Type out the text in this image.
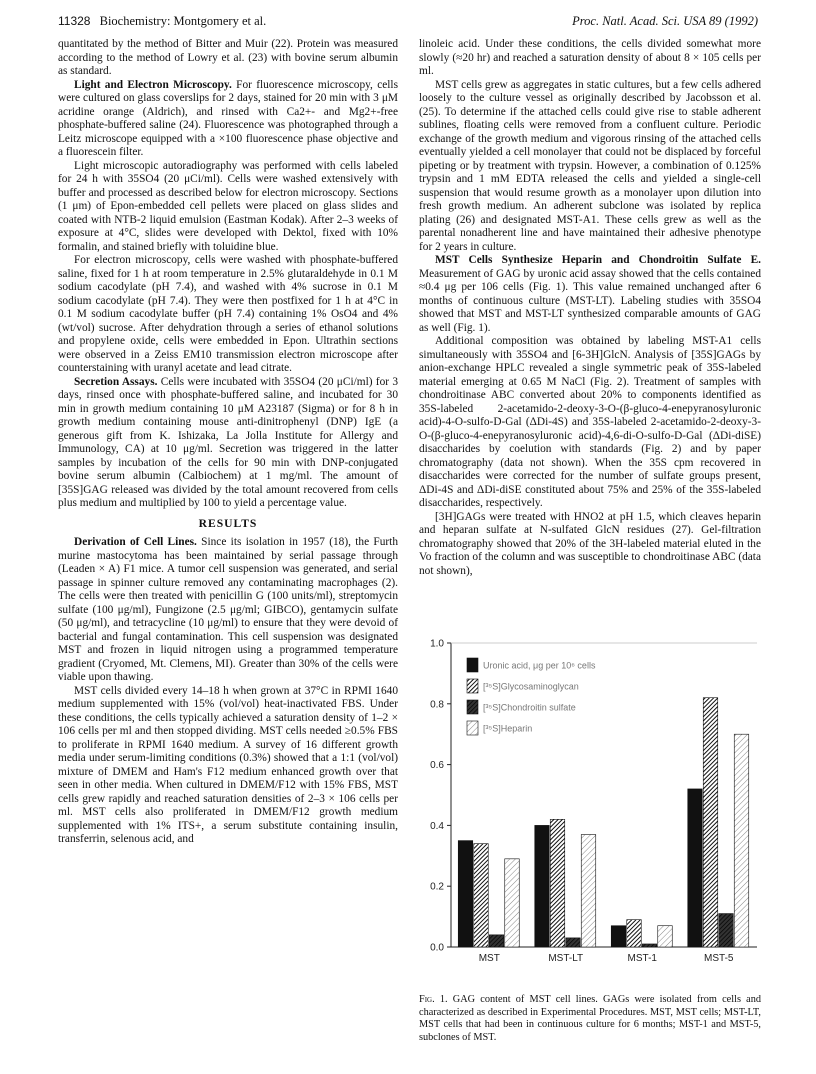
11328 Biochemistry: Montgomery et al.	Proc. Natl. Acad. Sci. USA 89 (1992)

quantitated by the method of Bitter and Muir (22). Protein was measured according to the method of Lowry et al. (23) with bovine serum albumin as standard.

Light and Electron Microscopy. For fluorescence microscopy, cells were cultured on glass coverslips for 2 days, stained for 20 min with 3 μM acridine orange (Aldrich), and rinsed with Ca2+- and Mg2+-free phosphate-buffered saline (24). Fluorescence was photographed through a Leitz microscope equipped with a ×100 fluorescence phase objective and a fluorescein filter.

Light microscopic autoradiography was performed with cells labeled for 24 h with 35SO4 (20 μCi/ml). Cells were washed extensively with buffer and processed as described below for electron microscopy. Sections (1 μm) of Epon-embedded cell pellets were placed on glass slides and coated with NTB-2 liquid emulsion (Eastman Kodak). After 2–3 weeks of exposure at 4°C, slides were developed with Dektol, fixed with 10% formalin, and stained briefly with toluidine blue.

For electron microscopy, cells were washed with phosphate-buffered saline, fixed for 1 h at room temperature in 2.5% glutaraldehyde in 0.1 M sodium cacodylate (pH 7.4), and washed with 4% sucrose in 0.1 M sodium cacodylate (pH 7.4). They were then postfixed for 1 h at 4°C in 0.1 M sodium cacodylate buffer (pH 7.4) containing 1% OsO4 and 4% (wt/vol) sucrose. After dehydration through a series of ethanol solutions and propylene oxide, cells were embedded in Epon. Ultrathin sections were observed in a Zeiss EM10 transmission electron microscope after counterstaining with uranyl acetate and lead citrate.

Secretion Assays. Cells were incubated with 35SO4 (20 μCi/ml) for 3 days, rinsed once with phosphate-buffered saline, and incubated for 30 min in growth medium containing 10 μM A23187 (Sigma) or for 8 h in growth medium containing mouse anti-dinitrophenyl (DNP) IgE (a generous gift from K. Ishizaka, La Jolla Institute for Allergy and Immunology, CA) at 10 μg/ml. Secretion was triggered in the latter samples by incubation of the cells for 90 min with DNP-conjugated bovine serum albumin (Calbiochem) at 1 mg/ml. The amount of [35S]GAG released was divided by the total amount recovered from cells plus medium and multiplied by 100 to yield a percentage value.

RESULTS

Derivation of Cell Lines. Since its isolation in 1957 (18), the Furth murine mastocytoma has been maintained by serial passage through (Leaden × A) F1 mice. A tumor cell suspension was generated, and serial passage in spinner culture removed any contaminating macrophages (2). The cells were then treated with penicillin G (100 units/ml), streptomycin sulfate (100 μg/ml), Fungizone (2.5 μg/ml; GIBCO), gentamycin sulfate (50 μg/ml), and tetracycline (10 μg/ml) to ensure that they were devoid of bacterial and fungal contamination. This cell suspension was designated MST and frozen in liquid nitrogen using a programmed temperature gradient (Cryomed, Mt. Clemens, MI). Greater than 30% of the cells were viable upon thawing.

MST cells divided every 14–18 h when grown at 37°C in RPMI 1640 medium supplemented with 15% (vol/vol) heat-inactivated FBS. Under these conditions, the cells typically achieved a saturation density of 1–2 × 106 cells per ml and then stopped dividing. MST cells needed ≥0.5% FBS to proliferate in RPMI 1640 medium. A survey of 16 different growth media under serum-limiting conditions (0.3%) showed that a 1:1 (vol/vol) mixture of DMEM and Ham's F12 medium enhanced growth over that seen in other media. When cultured in DMEM/F12 with 15% FBS, MST cells grew rapidly and reached saturation densities of 2–3 × 106 cells per ml. MST cells also proliferated in DMEM/F12 growth medium supplemented with 1% ITS+, a serum substitute containing insulin, transferrin, selenous acid, and

linoleic acid. Under these conditions, the cells divided somewhat more slowly (≈20 hr) and reached a saturation density of about 8 × 105 cells per ml.

MST cells grew as aggregates in static cultures, but a few cells adhered loosely to the culture vessel as originally described by Jacobsson et al. (25). To determine if the attached cells could give rise to stable adherent sublines, floating cells were removed from a confluent culture. Periodic exchange of the growth medium and vigorous rinsing of the attached cells eventually yielded a cell monolayer that could not be displaced by forceful pipeting or by treatment with trypsin. However, a combination of 0.125% trypsin and 1 mM EDTA released the cells and yielded a single-cell suspension that would resume growth as a monolayer upon dilution into fresh growth medium. An adherent subclone was isolated by replica plating (26) and designated MST-A1. These cells grew as well as the parental nonadherent line and have maintained their adhesive phenotype for 2 years in culture.

MST Cells Synthesize Heparin and Chondroitin Sulfate E. Measurement of GAG by uronic acid assay showed that the cells contained ≈0.4 μg per 106 cells (Fig. 1). This value remained unchanged after 6 months of continuous culture (MST-LT). Labeling studies with 35SO4 showed that MST and MST-LT synthesized comparable amounts of GAG as well (Fig. 1).

Additional composition was obtained by labeling MST-A1 cells simultaneously with 35SO4 and [6-3H]GlcN. Analysis of [35S]GAGs by anion-exchange HPLC revealed a single symmetric peak of 35S-labeled material emerging at 0.65 M NaCl (Fig. 2). Treatment of samples with chondroitinase ABC converted about 20% to components identified as 35S-labeled 2-acetamido-2-deoxy-3-O-(β-gluco-4-enepyranosyluronic acid)-4-O-sulfo-D-Gal (ΔDi-4S) and 35S-labeled 2-acetamido-2-deoxy-3-O-(β-gluco-4-enepyranosyluronic acid)-4,6-di-O-sulfo-D-Gal (ΔDi-diSE) disaccharides by coelution with standards (Fig. 2) and by paper chromatography (data not shown). When the 35S cpm recovered in disaccharides were corrected for the number of sulfate groups present, ΔDi-4S and ΔDi-diSE constituted about 75% and 25% of the 35S-labeled disaccharides, respectively.

[3H]GAGs were treated with HNO2 at pH 1.5, which cleaves heparin and heparan sulfate at N-sulfated GlcN residues (27). Gel-filtration chromatography showed that 20% of the 3H-labeled material eluted in the Vo fraction of the column and was susceptible to chondroitinase ABC (data not shown),

0.0
0.2
0.4
0.6
0.8
1.0
MST	MST-LT	MST-1	MST-5
Uronic acid, μg per 10⁶ cells
[³⁵S]Glycosaminoglycan
[³⁵S]Chondroitin sulfate
[³⁵S]Heparin
Fig. 1. GAG content of MST cell lines. GAGs were isolated from cells and characterized as described in Experimental Procedures. MST, MST cells; MST-LT, MST cells that had been in continuous culture for 6 months; MST-1 and MST-5, subclones of MST.
